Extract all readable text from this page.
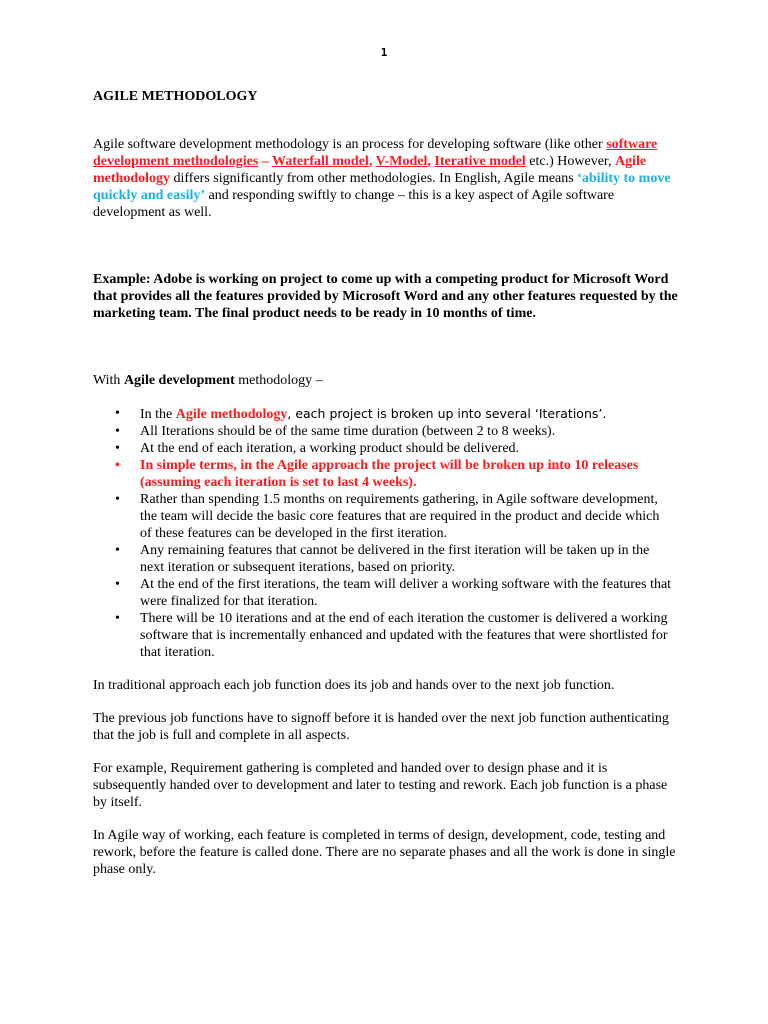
1

AGILE METHODOLOGY

Agile software development methodology is an process for developing software (like other software development methodologies – Waterfall model, V-Model, Iterative model etc.) However, Agile methodology differs significantly from other methodologies. In English, Agile means ‘ability to move quickly and easily’ and responding swiftly to change – this is a key aspect of Agile software development as well.

Example: Adobe is working on project to come up with a competing product for Microsoft Word that provides all the features provided by Microsoft Word and any other features requested by the marketing team. The final product needs to be ready in 10 months of time.

With Agile development methodology –

• In the Agile methodology, each project is broken up into several ‘Iterations’.
• All Iterations should be of the same time duration (between 2 to 8 weeks).
• At the end of each iteration, a working product should be delivered.
• In simple terms, in the Agile approach the project will be broken up into 10 releases (assuming each iteration is set to last 4 weeks).
• Rather than spending 1.5 months on requirements gathering, in Agile software development, the team will decide the basic core features that are required in the product and decide which of these features can be developed in the first iteration.
• Any remaining features that cannot be delivered in the first iteration will be taken up in the next iteration or subsequent iterations, based on priority.
• At the end of the first iterations, the team will deliver a working software with the features that were finalized for that iteration.
• There will be 10 iterations and at the end of each iteration the customer is delivered a working software that is incrementally enhanced and updated with the features that were shortlisted for that iteration.

In traditional approach each job function does its job and hands over to the next job function.

The previous job functions have to signoff before it is handed over the next job function authenticating that the job is full and complete in all aspects.

For example, Requirement gathering is completed and handed over to design phase and it is subsequently handed over to development and later to testing and rework. Each job function is a phase by itself.

In Agile way of working, each feature is completed in terms of design, development, code, testing and rework, before the feature is called done. There are no separate phases and all the work is done in single phase only.
